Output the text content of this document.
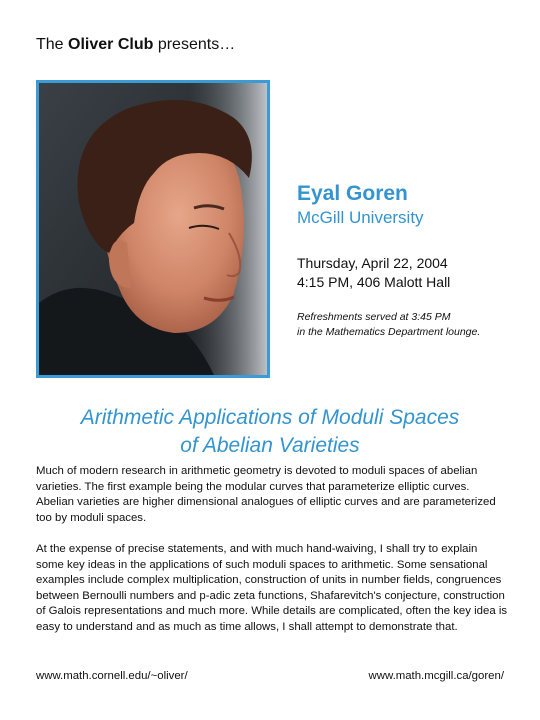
The Oliver Club presents…
Eyal Goren
McGill University
Thursday, April 22, 2004
4:15 PM, 406 Malott Hall
Refreshments served at 3:45 PM
in the Mathematics Department lounge.
Arithmetic Applications of Moduli Spaces
of Abelian Varieties

Much of modern research in arithmetic geometry is devoted to moduli spaces of abelian varieties. The first example being the modular curves that parameterize elliptic curves. Abelian varieties are higher dimensional analogues of elliptic curves and are parameterized too by moduli spaces.

At the expense of precise statements, and with much hand-waiving, I shall try to explain some key ideas in the applications of such moduli spaces to arithmetic. Some sensational examples include complex multiplication, construction of units in number fields, congruences between Bernoulli numbers and p-adic zeta functions, Shafarevitch's conjecture, construction of Galois representations and much more. While details are complicated, often the key idea is easy to understand and as much as time allows, I shall attempt to demonstrate that.

www.math.cornell.edu/~oliver/	www.math.mcgill.ca/goren/
